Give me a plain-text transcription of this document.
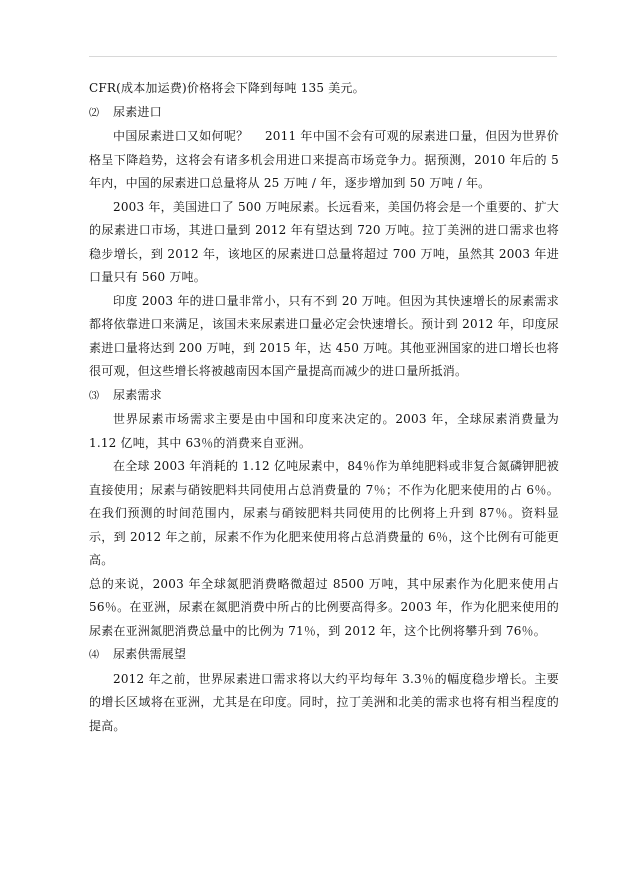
CFR(成本加运费)价格将会下降到每吨 135 美元。

⑵	尿素进口

中国尿素进口又如何呢？　 2011 年中国不会有可观的尿素进口量，但因为世界价格呈下降趋势，这将会有诸多机会用进口来提高市场竞争力。据预测，2010 年后的 5 年内，中国的尿素进口总量将从 25 万吨 / 年，逐步增加到 50 万吨 / 年。

2003 年，美国进口了 500 万吨尿素。长远看来，美国仍将会是一个重要的、扩大的尿素进口市场，其进口量到 2012 年有望达到 720 万吨。拉丁美洲的进口需求也将稳步增长，到 2012 年，该地区的尿素进口总量将超过 700 万吨，虽然其 2003 年进口量只有 560 万吨。

印度 2003 年的进口量非常小，只有不到 20 万吨。但因为其快速增长的尿素需求都将依靠进口来满足，该国未来尿素进口量必定会快速增长。预计到 2012 年，印度尿素进口量将达到 200 万吨，到 2015 年，达 450 万吨。其他亚洲国家的进口增长也将很可观，但这些增长将被越南因本国产量提高而减少的进口量所抵消。

⑶	尿素需求

世界尿素市场需求主要是由中国和印度来决定的。2003 年，全球尿素消费量为 1.12 亿吨，其中 63％的消费来自亚洲。

在全球 2003 年消耗的 1.12 亿吨尿素中，84％作为单纯肥料或非复合氮磷钾肥被直接使用；尿素与硝铵肥料共同使用占总消费量的 7％；不作为化肥来使用的占 6％。在我们预测的时间范围内，尿素与硝铵肥料共同使用的比例将上升到 87％。资料显示，到 2012 年之前，尿素不作为化肥来使用将占总消费量的 6％，这个比例有可能更高。

总的来说，2003 年全球氮肥消费略微超过 8500 万吨，其中尿素作为化肥来使用占 56％。在亚洲，尿素在氮肥消费中所占的比例要高得多。2003 年，作为化肥来使用的尿素在亚洲氮肥消费总量中的比例为 71％，到 2012 年，这个比例将攀升到 76％。

⑷	尿素供需展望

2012 年之前，世界尿素进口需求将以大约平均每年 3.3％的幅度稳步增长。主要的增长区域将在亚洲，尤其是在印度。同时，拉丁美洲和北美的需求也将有相当程度的提高。
